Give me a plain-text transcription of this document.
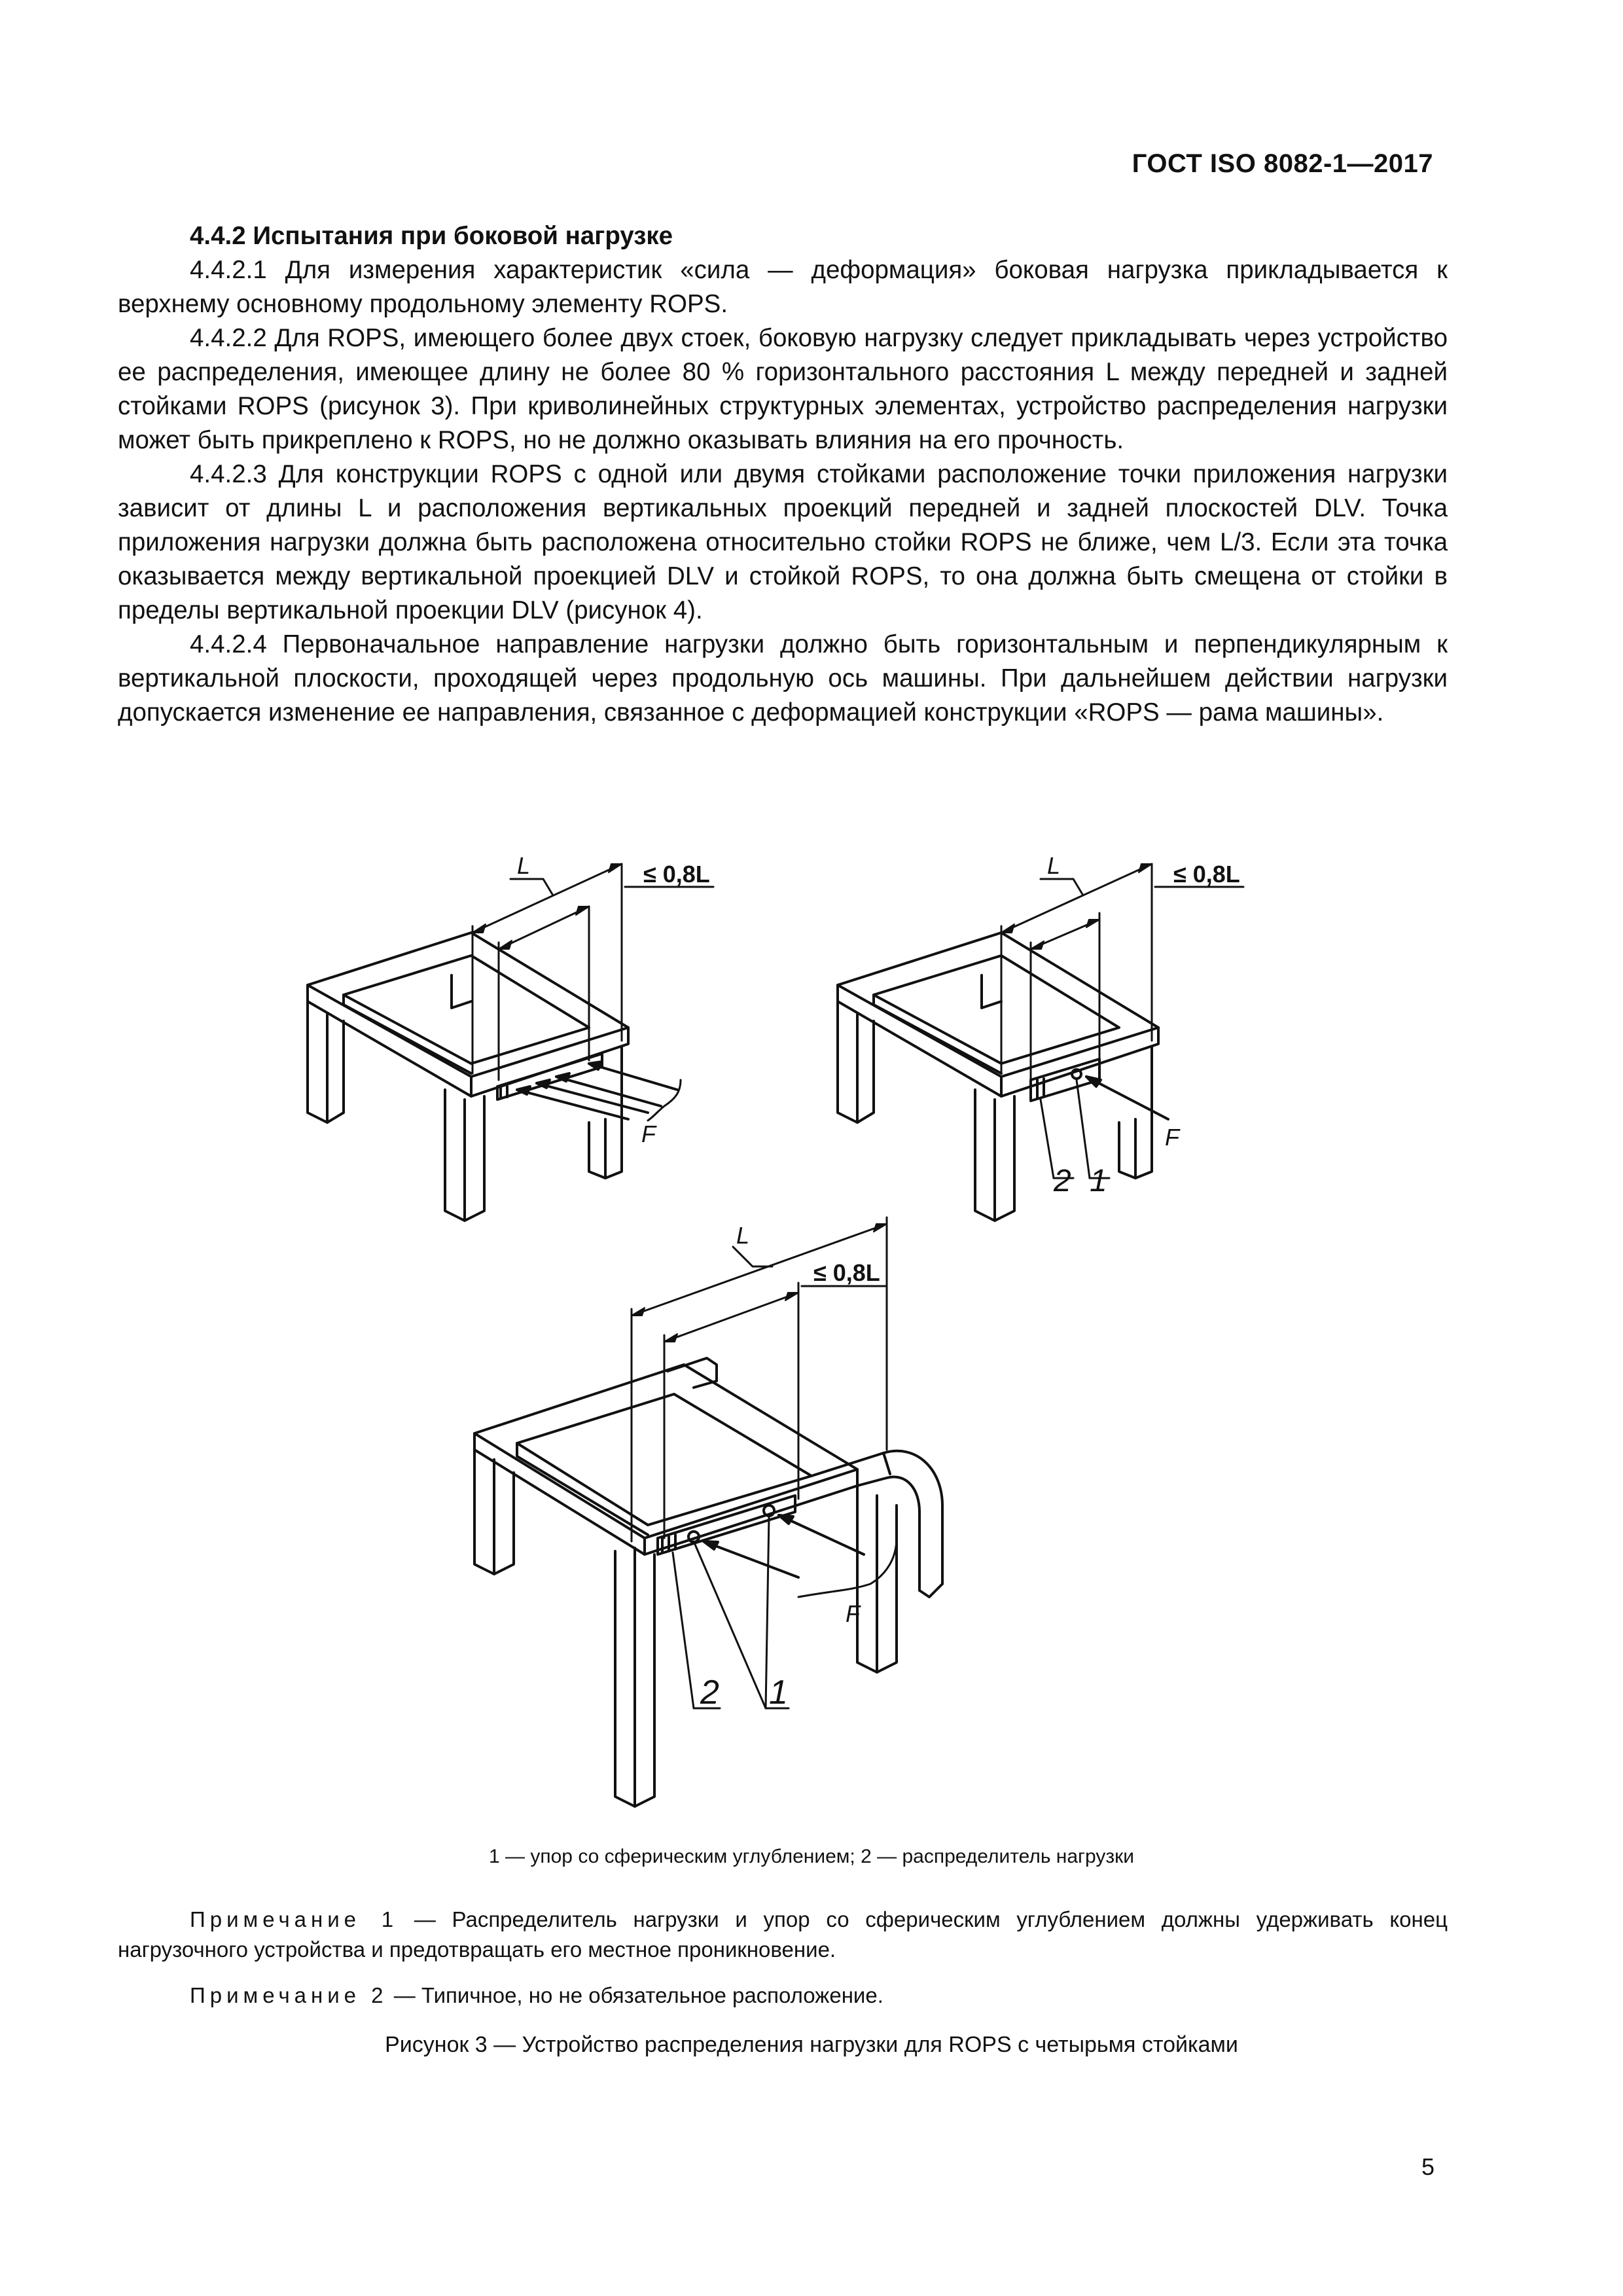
ГОСТ ISO 8082-1—2017
4.4.2 Испытания при боковой нагрузке

4.4.2.1 Для измерения характеристик «сила — деформация» боковая нагрузка прикладывается к верхнему основному продольному элементу ROPS.

4.4.2.2 Для ROPS, имеющего более двух стоек, боковую нагрузку следует прикладывать через устройство ее распределения, имеющее длину не более 80 % горизонтального расстояния L между передней и задней стойками ROPS (рисунок 3). При криволинейных структурных элементах, устройство распределения нагрузки может быть прикреплено к ROPS, но не должно оказывать влияния на его прочность.

4.4.2.3 Для конструкции ROPS с одной или двумя стойками расположение точки приложения нагрузки зависит от длины L и расположения вертикальных проекций передней и задней плоскостей DLV. Точка приложения нагрузки должна быть расположена относительно стойки ROPS не ближе, чем L/3. Если эта точка оказывается между вертикальной проекцией DLV и стойкой ROPS, то она должна быть смещена от стойки в пределы вертикальной проекции DLV (рисунок 4).

4.4.2.4 Первоначальное направление нагрузки должно быть горизонтальным и перпендикулярным к вертикальной плоскости, проходящей через продольную ось машины. При дальнейшем действии нагрузки допускается изменение ее направления, связанное с деформацией конструкции «ROPS — рама машины».

L	≤ 0,8L
F
L	≤ 0,8L
F
2 1
L
≤ 0,8L
F
2 1
1 — упор со сферическим углублением; 2 — распределитель нагрузки
Примечание 1 — Распределитель нагрузки и упор со сферическим углублением должны удерживать конец нагрузочного устройства и предотвращать его местное проникновение.
Примечание 2 — Типичное, но не обязательное расположение.
Рисунок 3 — Устройство распределения нагрузки для ROPS с четырьмя стойками
5
